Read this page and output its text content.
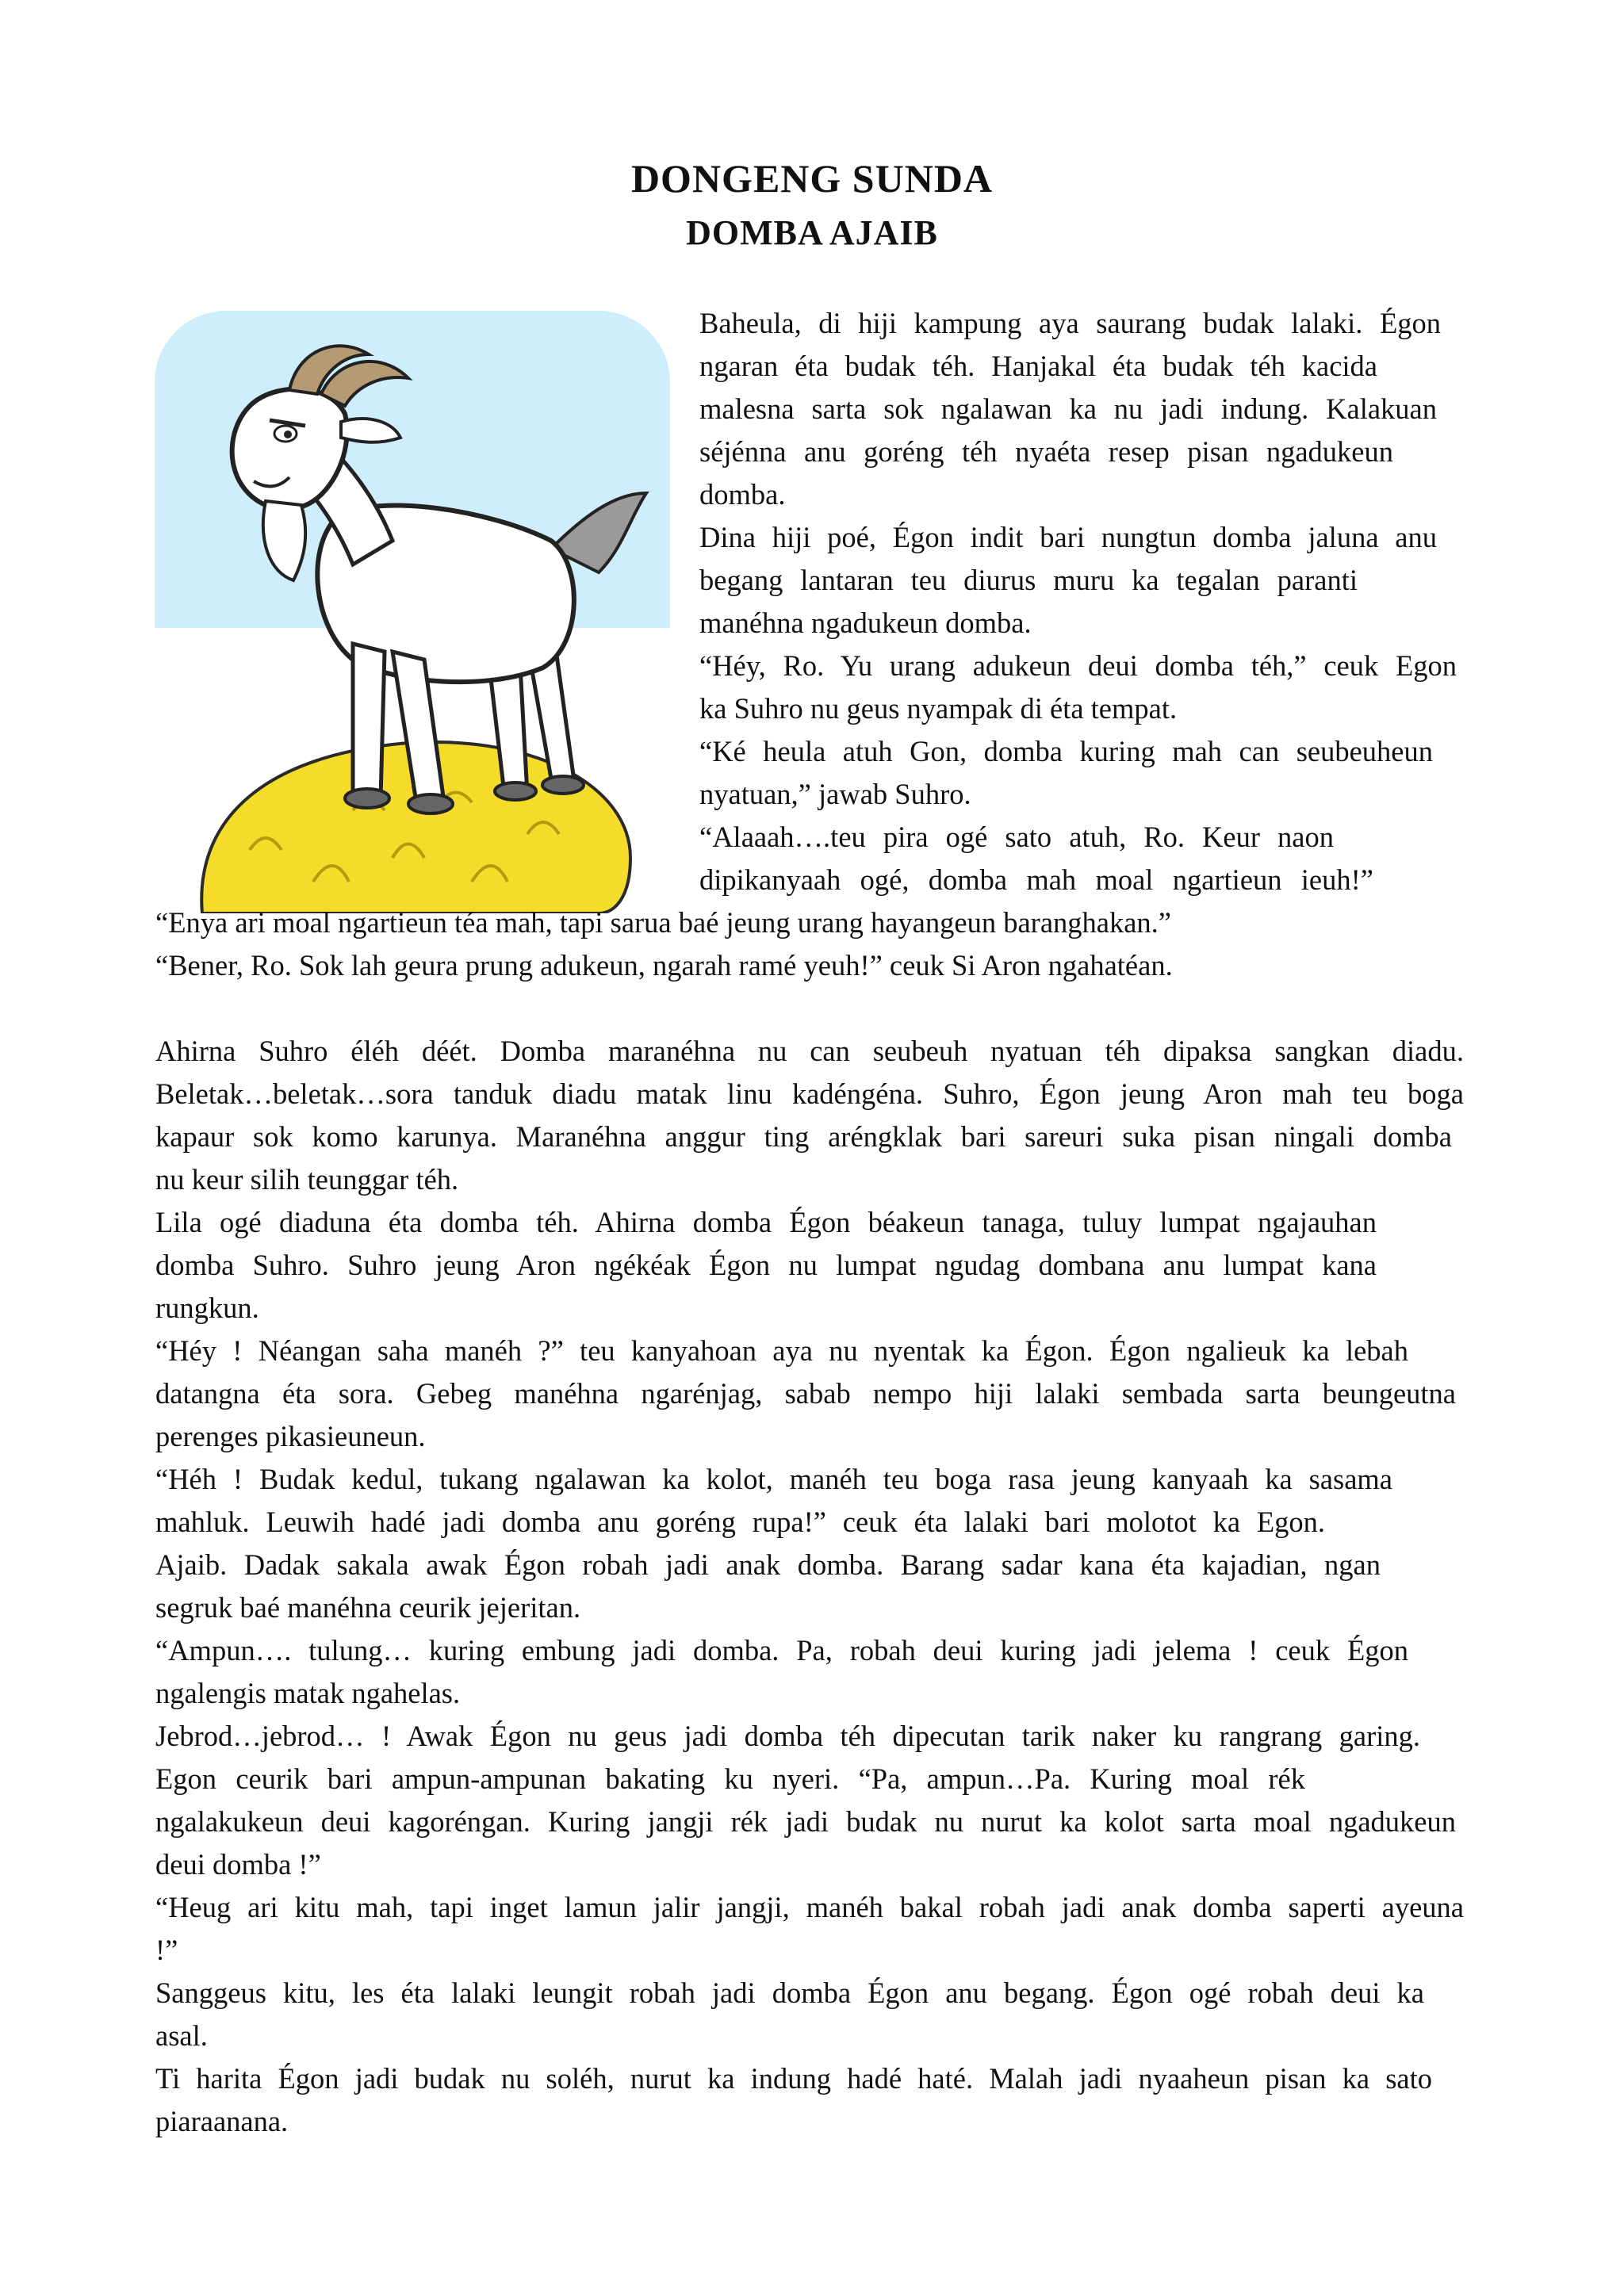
DONGENG SUNDA
DOMBA AJAIB
Baheula, di hiji kampung aya saurang budak lalaki. Égon
ngaran éta budak téh. Hanjakal éta budak téh kacida
malesna sarta sok ngalawan ka nu jadi indung. Kalakuan
séjénna anu goréng téh nyaéta resep pisan ngadukeun
domba.
Dina hiji poé, Égon indit bari nungtun domba jaluna anu
begang lantaran teu diurus muru ka tegalan paranti
manéhna ngadukeun domba.
“Héy, Ro. Yu urang adukeun deui domba téh,” ceuk Egon
ka Suhro nu geus nyampak di éta tempat.
“Ké heula atuh Gon, domba kuring mah can seubeuheun
nyatuan,” jawab Suhro.
“Alaaah….teu pira ogé sato atuh, Ro. Keur naon
dipikanyaah ogé, domba mah moal ngartieun ieuh!”
“Enya ari moal ngartieun téa mah, tapi sarua baé jeung urang hayangeun baranghakan.”
“Bener, Ro. Sok lah geura prung adukeun, ngarah ramé yeuh!” ceuk Si Aron ngahatéan.
Ahirna Suhro éléh déét. Domba maranéhna nu can seubeuh nyatuan téh dipaksa sangkan diadu.
Beletak…beletak…sora tanduk diadu matak linu kadéngéna. Suhro, Égon jeung Aron mah teu boga
kapaur sok komo karunya. Maranéhna anggur ting aréngklak bari sareuri suka pisan ningali domba
nu keur silih teunggar téh.
Lila ogé diaduna éta domba téh. Ahirna domba Égon béakeun tanaga, tuluy lumpat ngajauhan
domba Suhro. Suhro jeung Aron ngékéak Égon nu lumpat ngudag dombana anu lumpat kana
rungkun.
“Héy ! Néangan saha manéh ?” teu kanyahoan aya nu nyentak ka Égon. Égon ngalieuk ka lebah
datangna éta sora. Gebeg manéhna ngarénjag, sabab nempo hiji lalaki sembada sarta beungeutna
perenges pikasieuneun.
“Héh ! Budak kedul, tukang ngalawan ka kolot, manéh teu boga rasa jeung kanyaah ka sasama
mahluk. Leuwih hadé jadi domba anu goréng rupa!” ceuk éta lalaki bari molotot ka Egon.
Ajaib. Dadak sakala awak Égon robah jadi anak domba. Barang sadar kana éta kajadian, ngan
segruk baé manéhna ceurik jejeritan.
“Ampun…. tulung… kuring embung jadi domba. Pa, robah deui kuring jadi jelema ! ceuk Égon
ngalengis matak ngahelas.
Jebrod…jebrod… ! Awak Égon nu geus jadi domba téh dipecutan tarik naker ku rangrang garing.
Egon ceurik bari ampun-ampunan bakating ku nyeri. “Pa, ampun…Pa. Kuring moal rék
ngalakukeun deui kagoréngan. Kuring jangji rék jadi budak nu nurut ka kolot sarta moal ngadukeun
deui domba !”
“Heug ari kitu mah, tapi inget lamun jalir jangji, manéh bakal robah jadi anak domba saperti ayeuna
!”
Sanggeus kitu, les éta lalaki leungit robah jadi domba Égon anu begang. Égon ogé robah deui ka
asal.
Ti harita Égon jadi budak nu soléh, nurut ka indung hadé haté. Malah jadi nyaaheun pisan ka sato
piaraanana.
